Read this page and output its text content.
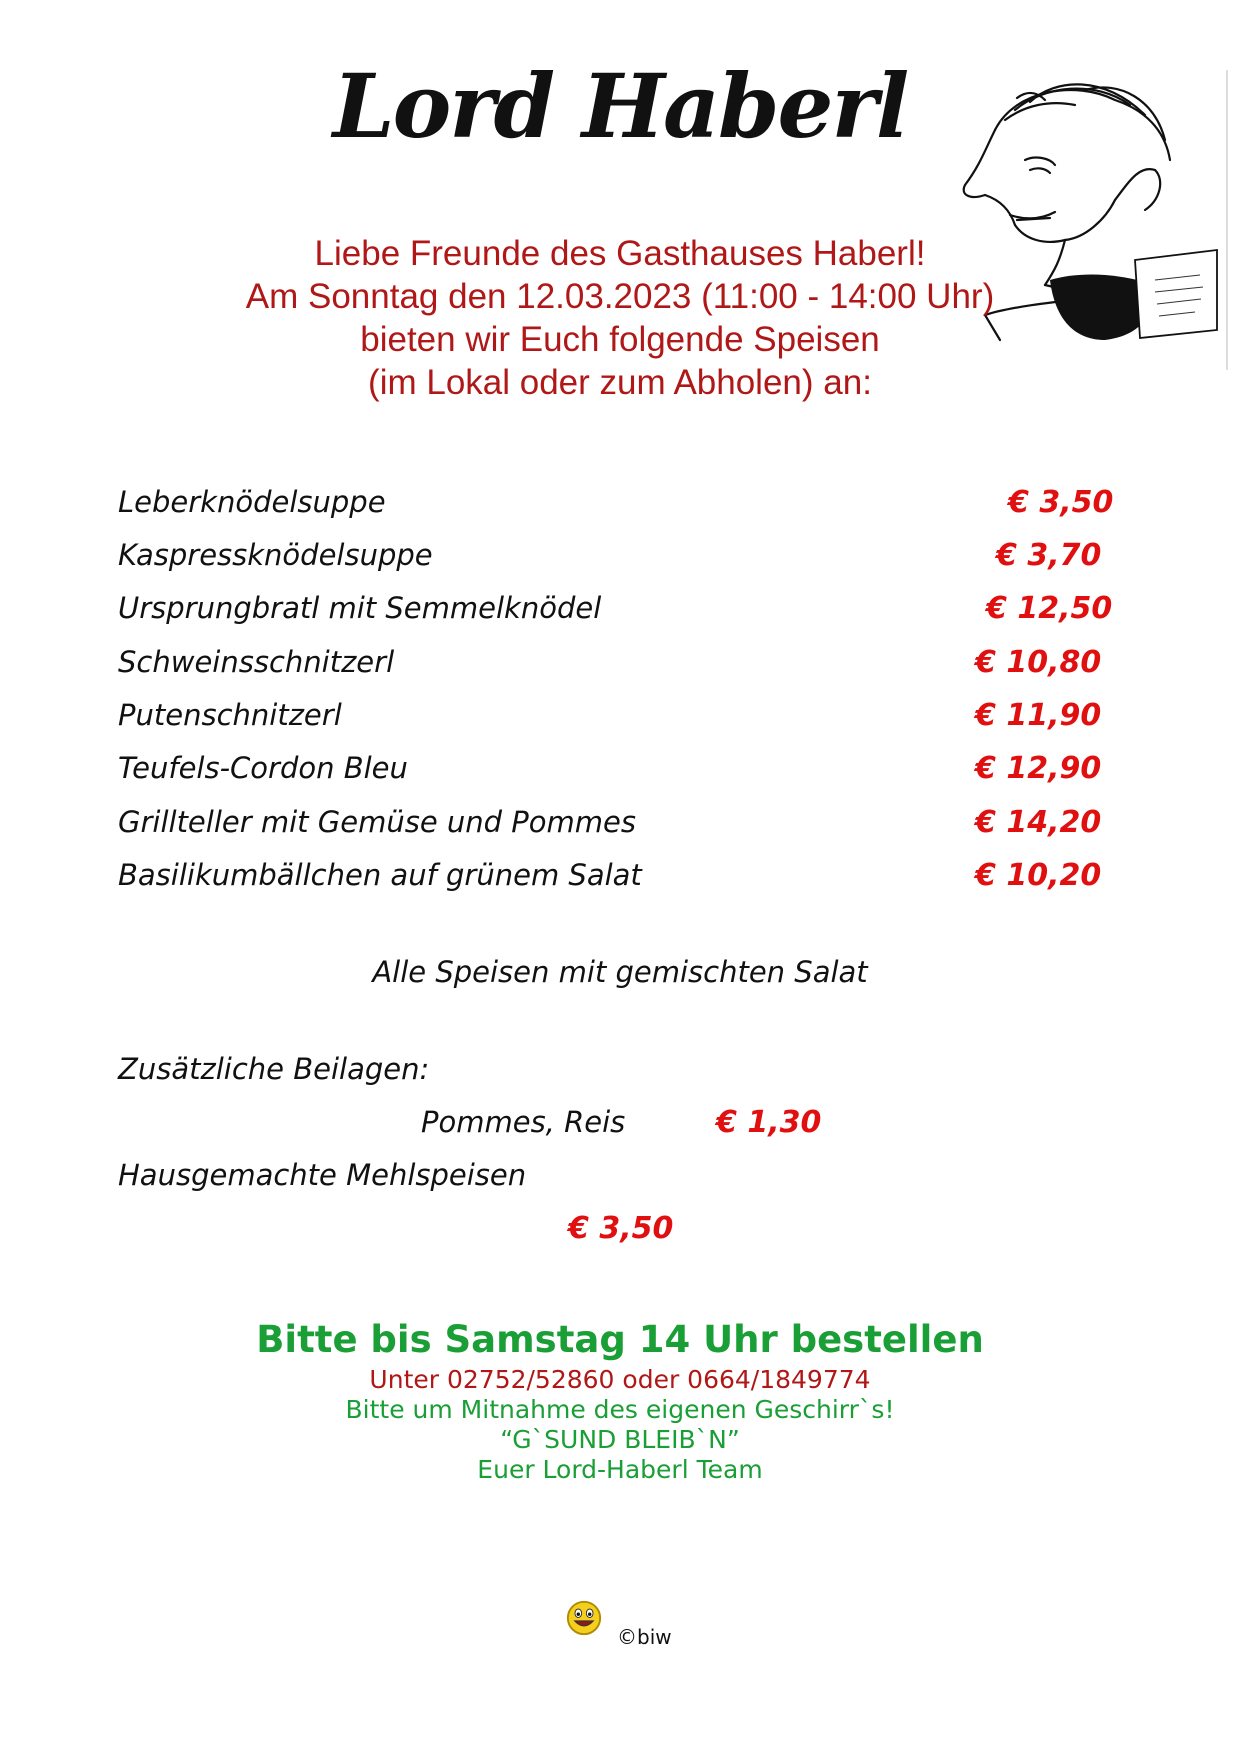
Lord Haberl
Liebe Freunde des Gasthauses Haberl!
Am Sonntag den 12.03.2023 (11:00 - 14:00 Uhr)
bieten wir Euch folgende Speisen
(im Lokal oder zum Abholen) an:
Leberknödelsuppe	€ 3,50
Kaspressknödelsuppe	€ 3,70
Ursprungbratl mit Semmelknödel	€ 12,50
Schweinsschnitzerl	€ 10,80
Putenschnitzerl	€ 11,90
Teufels-Cordon Bleu	€ 12,90
Grillteller mit Gemüse und Pommes	€ 14,20
Basilikumbällchen auf grünem Salat	€ 10,20
Alle Speisen mit gemischten Salat
Zusätzliche Beilagen:
Pommes, Reis	€ 1,30
Hausgemachte Mehlspeisen
€ 3,50
Bitte bis Samstag 14 Uhr bestellen
Unter 02752/52860 oder 0664/1849774
Bitte um Mitnahme des eigenen Geschirr`s!
“G`SUND BLEIB`N”
Euer Lord-Haberl Team
©biw
